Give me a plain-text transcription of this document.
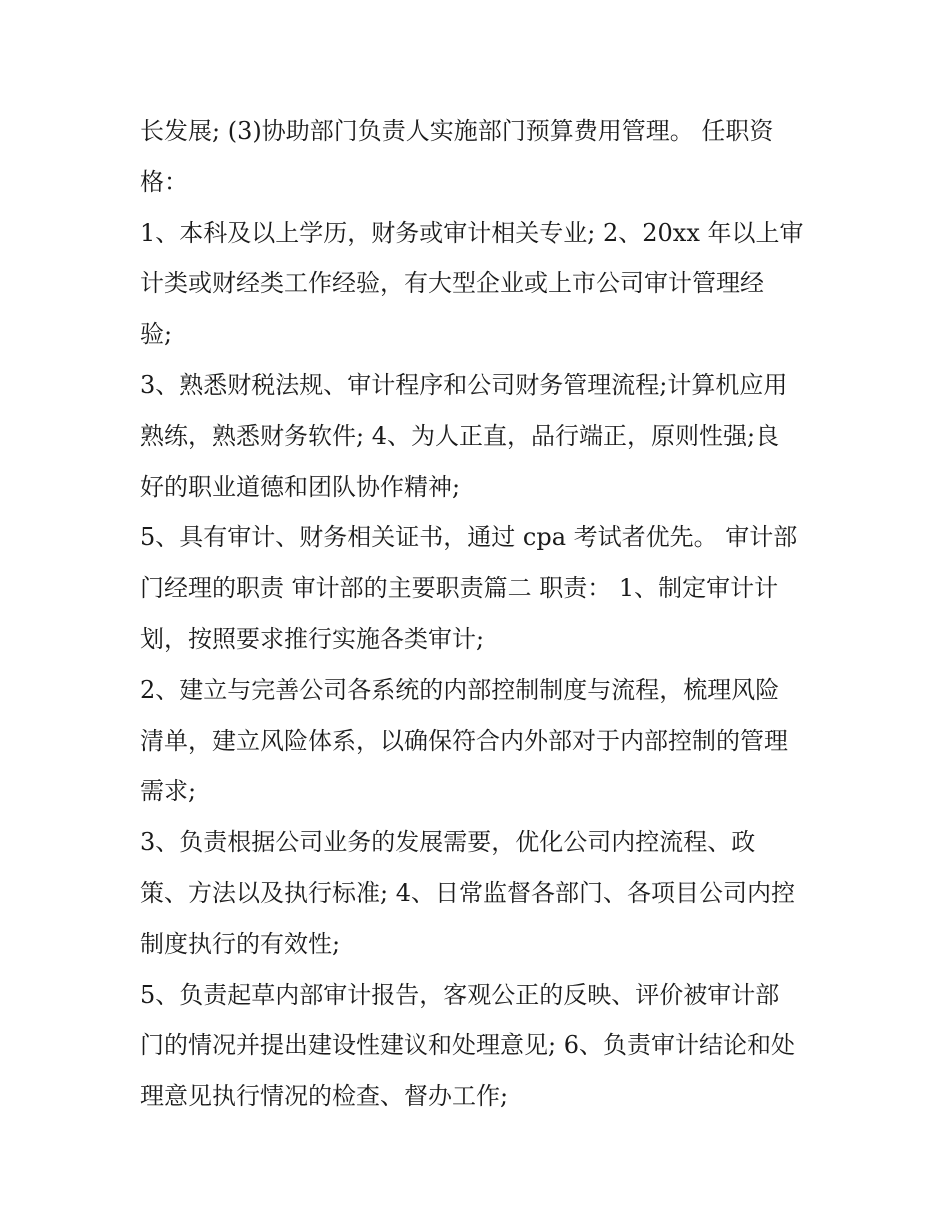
长发展; (3)协助部门负责人实施部门预算费用管理。 任职资
格：
1、本科及以上学历，财务或审计相关专业; 2、20xx 年以上审
计类或财经类工作经验，有大型企业或上市公司审计管理经
验;
3、熟悉财税法规、审计程序和公司财务管理流程;计算机应用
熟练，熟悉财务软件; 4、为人正直，品行端正，原则性强;良
好的职业道德和团队协作精神;
5、具有审计、财务相关证书，通过 cpa 考试者优先。 审计部
门经理的职责 审计部的主要职责篇二 职责： 1、制定审计计
划，按照要求推行实施各类审计;
2、建立与完善公司各系统的内部控制制度与流程，梳理风险
清单，建立风险体系，以确保符合内外部对于内部控制的管理
需求;
3、负责根据公司业务的发展需要，优化公司内控流程、政
策、方法以及执行标准; 4、日常监督各部门、各项目公司内控
制度执行的有效性;
5、负责起草内部审计报告，客观公正的反映、评价被审计部
门的情况并提出建设性建议和处理意见; 6、负责审计结论和处
理意见执行情况的检查、督办工作;
